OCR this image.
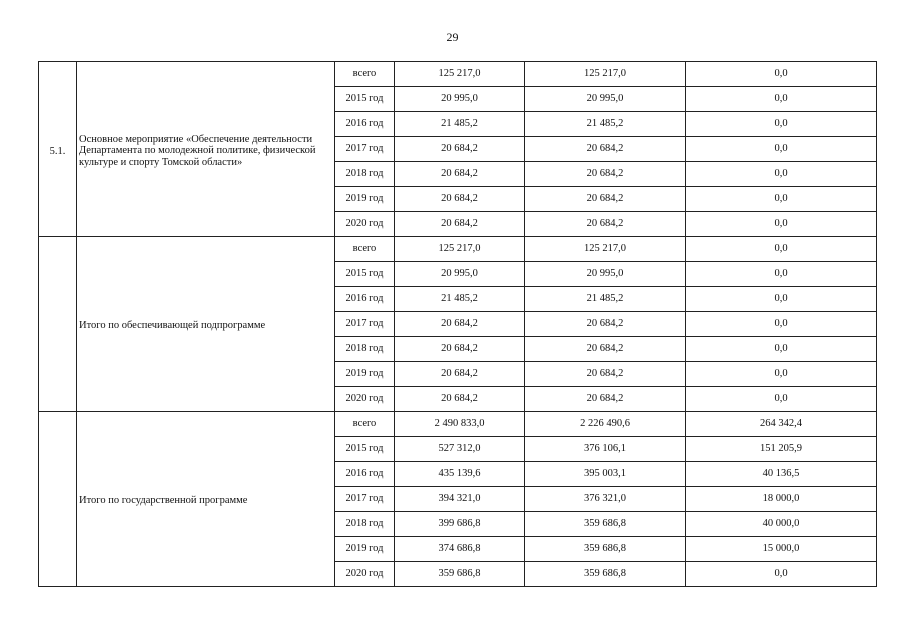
29
5.1.	Основное мероприятие «Обеспечение деятельности Департамента по молодежной политике, физической культуре и спорту Томской области»	всего	125 217,0	125 217,0	0,0
		2015 год	20 995,0	20 995,0	0,0
		2016 год	21 485,2	21 485,2	0,0
		2017 год	20 684,2	20 684,2	0,0
		2018 год	20 684,2	20 684,2	0,0
		2019 год	20 684,2	20 684,2	0,0
		2020 год	20 684,2	20 684,2	0,0
	Итого по обеспечивающей подпрограмме	всего	125 217,0	125 217,0	0,0
		2015 год	20 995,0	20 995,0	0,0
		2016 год	21 485,2	21 485,2	0,0
		2017 год	20 684,2	20 684,2	0,0
		2018 год	20 684,2	20 684,2	0,0
		2019 год	20 684,2	20 684,2	0,0
		2020 год	20 684,2	20 684,2	0,0
	Итого по государственной программе	всего	2 490 833,0	2 226 490,6	264 342,4
		2015 год	527 312,0	376 106,1	151 205,9
		2016 год	435 139,6	395 003,1	40 136,5
		2017 год	394 321,0	376 321,0	18 000,0
		2018 год	399 686,8	359 686,8	40 000,0
		2019 год	374 686,8	359 686,8	15 000,0
		2020 год	359 686,8	359 686,8	0,0
